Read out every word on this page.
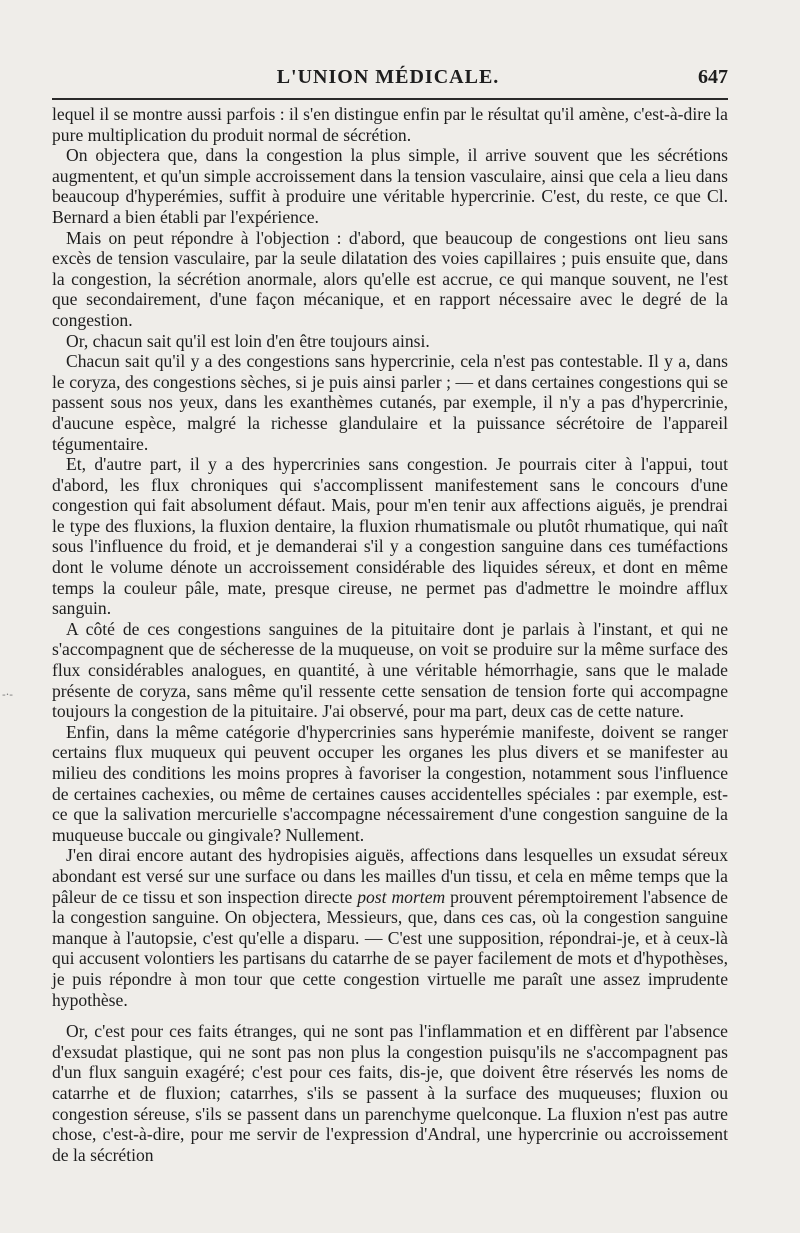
L'UNION MÉDICALE.	647
-·-

lequel il se montre aussi parfois : il s'en distingue enfin par le résultat qu'il amène, c'est-à-dire la pure multiplication du produit normal de sécrétion.

On objectera que, dans la congestion la plus simple, il arrive souvent que les sécrétions augmentent, et qu'un simple accroissement dans la tension vasculaire, ainsi que cela a lieu dans beaucoup d'hyperémies, suffit à produire une véritable hypercrinie. C'est, du reste, ce que Cl. Bernard a bien établi par l'expérience.

Mais on peut répondre à l'objection : d'abord, que beaucoup de congestions ont lieu sans excès de tension vasculaire, par la seule dilatation des voies capillaires ; puis ensuite que, dans la congestion, la sécrétion anormale, alors qu'elle est accrue, ce qui manque souvent, ne l'est que secondairement, d'une façon mécanique, et en rapport nécessaire avec le degré de la congestion.

Or, chacun sait qu'il est loin d'en être toujours ainsi.

Chacun sait qu'il y a des congestions sans hypercrinie, cela n'est pas contestable. Il y a, dans le coryza, des congestions sèches, si je puis ainsi parler ; — et dans certaines congestions qui se passent sous nos yeux, dans les exanthèmes cutanés, par exemple, il n'y a pas d'hypercrinie, d'aucune espèce, malgré la richesse glandulaire et la puissance sécrétoire de l'appareil tégumentaire.

Et, d'autre part, il y a des hypercrinies sans congestion. Je pourrais citer à l'appui, tout d'abord, les flux chroniques qui s'accomplissent manifestement sans le concours d'une congestion qui fait absolument défaut. Mais, pour m'en tenir aux affections aiguës, je prendrai le type des fluxions, la fluxion dentaire, la fluxion rhumatismale ou plutôt rhumatique, qui naît sous l'influence du froid, et je demanderai s'il y a congestion sanguine dans ces tuméfactions dont le volume dénote un accroissement considérable des liquides séreux, et dont en même temps la couleur pâle, mate, presque cireuse, ne permet pas d'admettre le moindre afflux sanguin.

A côté de ces congestions sanguines de la pituitaire dont je parlais à l'instant, et qui ne s'accompagnent que de sécheresse de la muqueuse, on voit se produire sur la même surface des flux considérables analogues, en quantité, à une véritable hémorrhagie, sans que le malade présente de coryza, sans même qu'il ressente cette sensation de tension forte qui accompagne toujours la congestion de la pituitaire. J'ai observé, pour ma part, deux cas de cette nature.

Enfin, dans la même catégorie d'hypercrinies sans hyperémie manifeste, doivent se ranger certains flux muqueux qui peuvent occuper les organes les plus divers et se manifester au milieu des conditions les moins propres à favoriser la congestion, notamment sous l'influence de certaines cachexies, ou même de certaines causes accidentelles spéciales : par exemple, est-ce que la salivation mercurielle s'accompagne nécessairement d'une congestion sanguine de la muqueuse buccale ou gingivale? Nullement.

J'en dirai encore autant des hydropisies aiguës, affections dans lesquelles un exsudat séreux abondant est versé sur une surface ou dans les mailles d'un tissu, et cela en même temps que la pâleur de ce tissu et son inspection directe post mortem prouvent péremptoirement l'absence de la congestion sanguine. On objectera, Messieurs, que, dans ces cas, où la congestion sanguine manque à l'autopsie, c'est qu'elle a disparu. — C'est une supposition, répondrai-je, et à ceux-là qui accusent volontiers les partisans du catarrhe de se payer facilement de mots et d'hypothèses, je puis répondre à mon tour que cette congestion virtuelle me paraît une assez imprudente hypothèse.

Or, c'est pour ces faits étranges, qui ne sont pas l'inflammation et en diffèrent par l'absence d'exsudat plastique, qui ne sont pas non plus la congestion puisqu'ils ne s'accompagnent pas d'un flux sanguin exagéré; c'est pour ces faits, dis-je, que doivent être réservés les noms de catarrhe et de fluxion; catarrhes, s'ils se passent à la surface des muqueuses; fluxion ou congestion séreuse, s'ils se passent dans un parenchyme quelconque. La fluxion n'est pas autre chose, c'est-à-dire, pour me servir de l'expression d'Andral, une hypercrinie ou accroissement de la sécrétion
